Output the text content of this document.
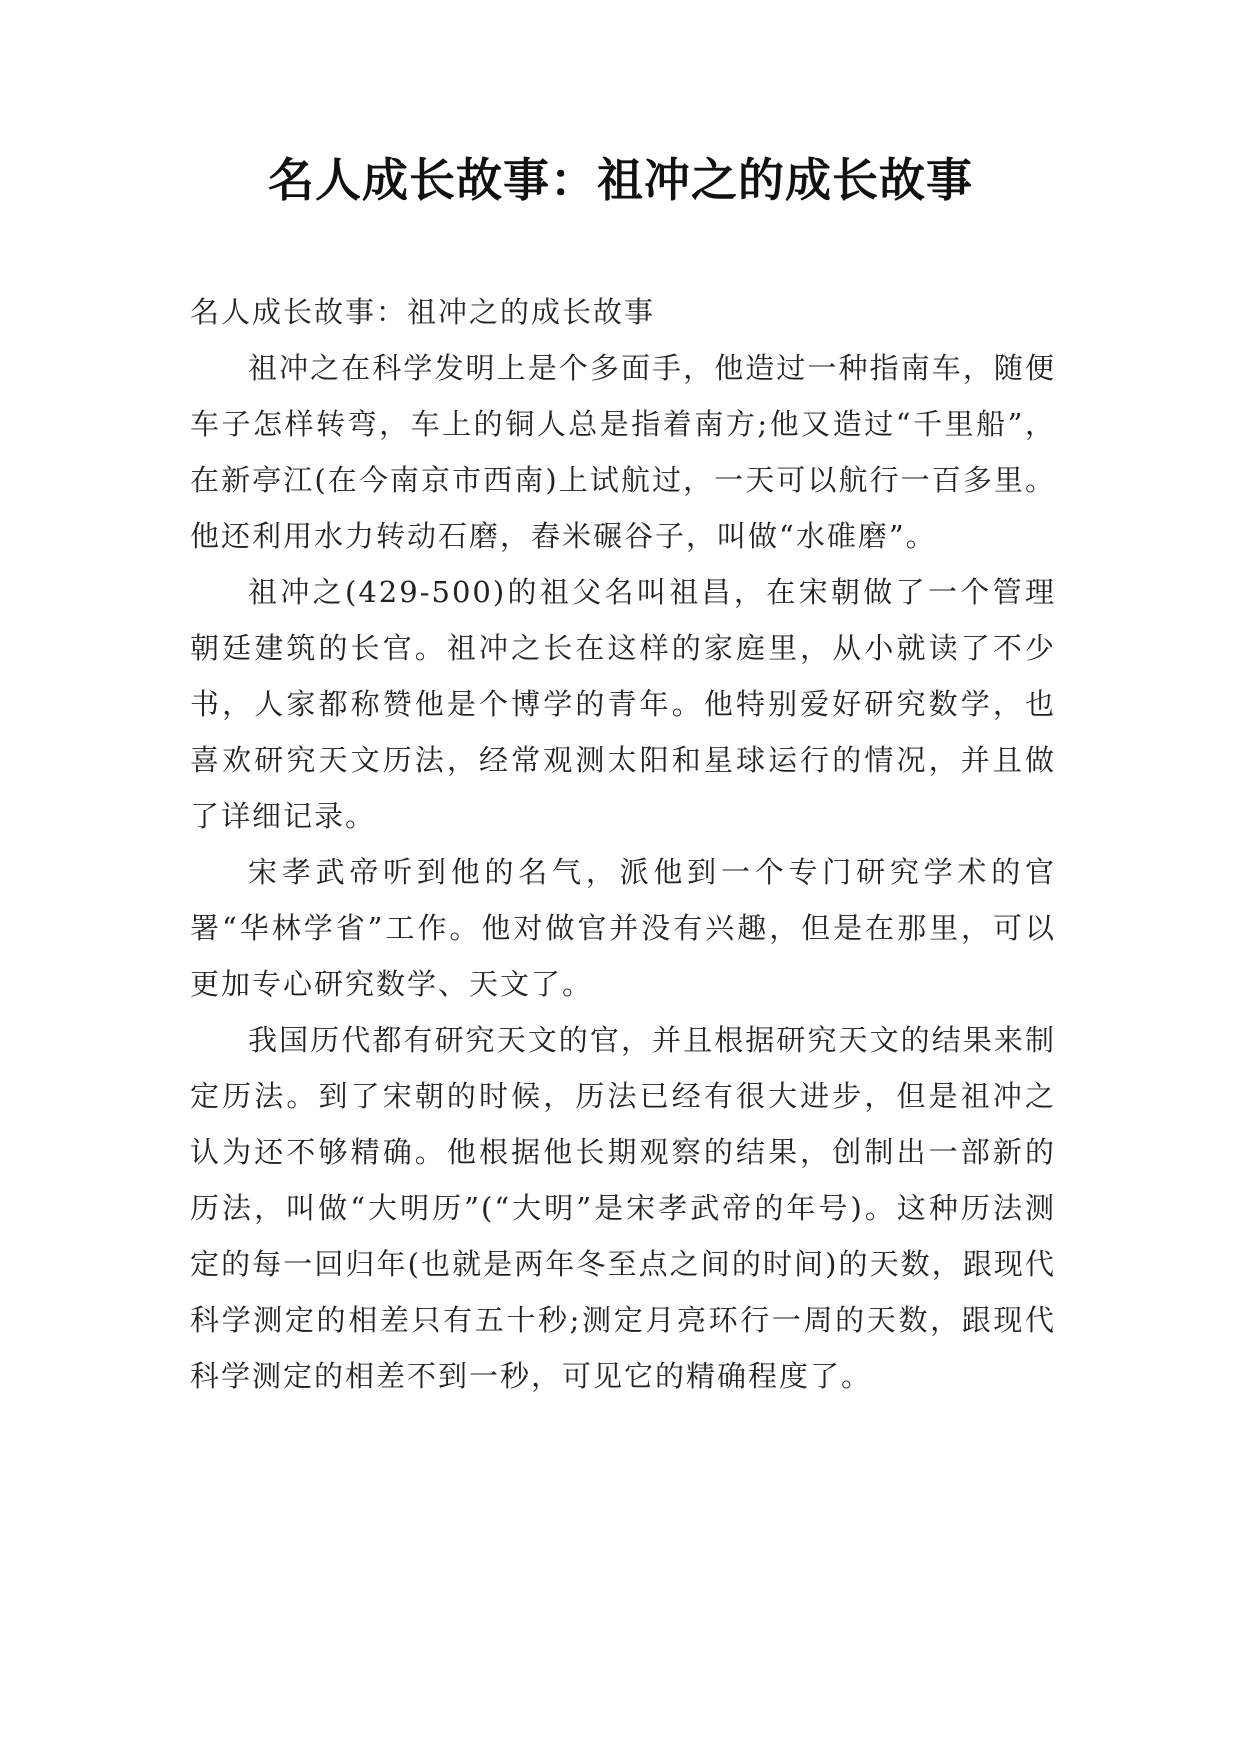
名人成长故事：祖冲之的成长故事

名人成长故事：祖冲之的成长故事

祖冲之在科学发明上是个多面手，他造过一种指南车，随便车子怎样转弯，车上的铜人总是指着南方;他又造过“千里船”，在新亭江(在今南京市西南)上试航过，一天可以航行一百多里。他还利用水力转动石磨，舂米碾谷子，叫做“水碓磨”。

祖冲之(429-500)的祖父名叫祖昌，在宋朝做了一个管理朝廷建筑的长官。祖冲之长在这样的家庭里，从小就读了不少书，人家都称赞他是个博学的青年。他特别爱好研究数学，也喜欢研究天文历法，经常观测太阳和星球运行的情况，并且做了详细记录。

宋孝武帝听到他的名气，派他到一个专门研究学术的官署“华林学省”工作。他对做官并没有兴趣，但是在那里，可以更加专心研究数学、天文了。

我国历代都有研究天文的官，并且根据研究天文的结果来制定历法。到了宋朝的时候，历法已经有很大进步，但是祖冲之认为还不够精确。他根据他长期观察的结果，创制出一部新的历法，叫做“大明历”(“大明”是宋孝武帝的年号)。这种历法测定的每一回归年(也就是两年冬至点之间的时间)的天数，跟现代科学测定的相差只有五十秒;测定月亮环行一周的天数，跟现代科学测定的相差不到一秒，可见它的精确程度了。
